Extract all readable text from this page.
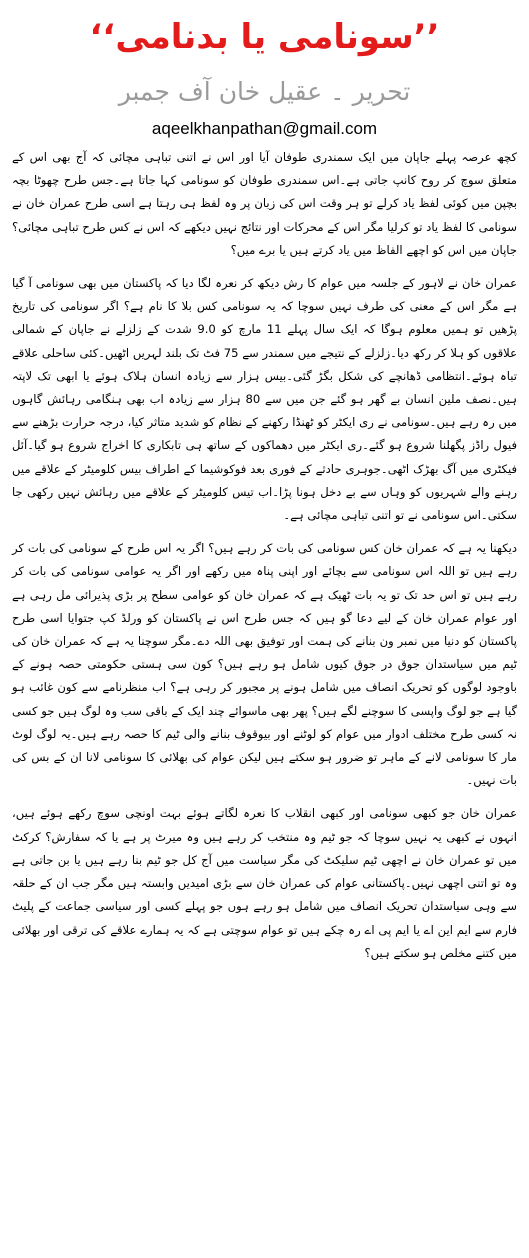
’’سونامی یا بدنامی‘‘
تحریر ۔ عقیل خان آف جمبر
aqeelkhanpathan@gmail.com

کچھ عرصہ پہلے جاپان میں ایک سمندری طوفان آیا اور اس نے اتنی تباہی مچائی کہ آج بھی اس کے متعلق سوچ کر روح کانپ جاتی ہے۔اس سمندری طوفان کو سونامی کہا جاتا ہے۔جس طرح چھوٹا بچہ بچپن میں کوئی لفظ یاد کرلے تو ہر وقت اس کی زبان پر وہ لفظ ہی رہتا ہے اسی طرح عمران خان نے سونامی کا لفظ یاد تو کرلیا مگر اس کے محرکات اور نتائج نہیں دیکھے کہ اس نے کس طرح تباہی مچائی؟ جاپان میں اس کو اچھے الفاظ میں یاد کرتے ہیں یا برے میں؟

عمران خان نے لاہور کے جلسہ میں عوام کا رش دیکھ کر نعرہ لگا دیا کہ پاکستان میں بھی سونامی آ گیا ہے مگر اس کے معنی کی طرف نہیں سوچا کہ یہ سونامی کس بلا کا نام ہے؟ اگر سونامی کی تاریخ پڑھیں تو ہمیں معلوم ہوگا کہ ایک سال پہلے 11 مارچ کو 9.0 شدت کے زلزلے نے جاپان کے شمالی علاقوں کو ہلا کر رکھ دیا۔زلزلے کے نتیجے میں سمندر سے 75 فٹ تک بلند لہریں اٹھیں۔کئی ساحلی علاقے تباہ ہوئے۔انتظامی ڈھانچے کی شکل بگڑ گئی۔بیس ہزار سے زیادہ انسان ہلاک ہوئے یا ابھی تک لاپتہ ہیں۔نصف ملین انسان بے گھر ہو گئے جن میں سے 80 ہزار سے زیادہ اب بھی ہنگامی رہائش گاہوں میں رہ رہے ہیں۔سونامی نے ری ایکٹر کو ٹھنڈا رکھنے کے نظام کو شدید متاثر کیا، درجہ حرارت بڑھنے سے فیول راڈز پگھلنا شروع ہو گئے۔ری ایکٹر میں دھماکوں کے ساتھ ہی تابکاری کا اخراج شروع ہو گیا۔آئل فیکٹری میں آگ بھڑک اٹھی۔جوہری حادثے کے فوری بعد فوکوشیما کے اطراف بیس کلومیٹر کے علاقے میں رہنے والے شہریوں کو وہاں سے بے دخل ہونا پڑا۔اب تیس کلومیٹر کے علاقے میں رہائش نہیں رکھی جا سکتی۔اس سونامی نے تو اتنی تباہی مچائی ہے۔

دیکھنا یہ ہے کہ عمران خان کس سونامی کی بات کر رہے ہیں؟ اگر یہ اس طرح کے سونامی کی بات کر رہے ہیں تو اللہ اس سونامی سے بچائے اور اپنی پناہ میں رکھے اور اگر یہ عوامی سونامی کی بات کر رہے ہیں تو اس حد تک تو یہ بات ٹھیک ہے کہ عمران خان کو عوامی سطح پر بڑی پذیرائی مل رہی ہے اور عوام عمران خان کے لیے دعا گو ہیں کہ جس طرح اس نے پاکستان کو ورلڈ کپ جتوایا اسی طرح پاکستان کو دنیا میں نمبر ون بنانے کی ہمت اور توفیق بھی اللہ دے۔مگر سوچنا یہ ہے کہ عمران خان کی ٹیم میں سیاستدان جوق در جوق کیوں شامل ہو رہے ہیں؟ کون سی ہستی حکومتی حصہ ہونے کے باوجود لوگوں کو تحریک انصاف میں شامل ہونے پر مجبور کر رہی ہے؟ اب منظرنامے سے کون غائب ہو گیا ہے جو لوگ واپسی کا سوچنے لگے ہیں؟ پھر بھی ماسوائے چند ایک کے باقی سب وہ لوگ ہیں جو کسی نہ کسی طرح مختلف ادوار میں عوام کو لوٹنے اور بیوقوف بنانے والی ٹیم کا حصہ رہے ہیں۔یہ لوگ لوٹ مار کا سونامی لانے کے ماہر تو ضرور ہو سکتے ہیں لیکن عوام کی بھلائی کا سونامی لانا ان کے بس کی بات نہیں۔

عمران خان جو کبھی سونامی اور کبھی انقلاب کا نعرہ لگاتے ہوئے بہت اونچی سوچ رکھے ہوئے ہیں، انہوں نے کبھی یہ نہیں سوچا کہ جو ٹیم وہ منتخب کر رہے ہیں وہ میرٹ پر ہے یا کہ سفارش؟ کرکٹ میں تو عمران خان نے اچھی ٹیم سلیکٹ کی مگر سیاست میں آج کل جو ٹیم بنا رہے ہیں یا بن جاتی ہے وہ تو اتنی اچھی نہیں۔پاکستانی عوام کی عمران خان سے بڑی امیدیں وابستہ ہیں مگر جب ان کے حلقہ سے وہی سیاستدان تحریک انصاف میں شامل ہو رہے ہوں جو پہلے کسی اور سیاسی جماعت کے پلیٹ فارم سے ایم این اے یا ایم پی اے رہ چکے ہیں تو عوام سوچتی ہے کہ یہ ہمارے علاقے کی ترقی اور بھلائی میں کتنے مخلص ہو سکتے ہیں؟
